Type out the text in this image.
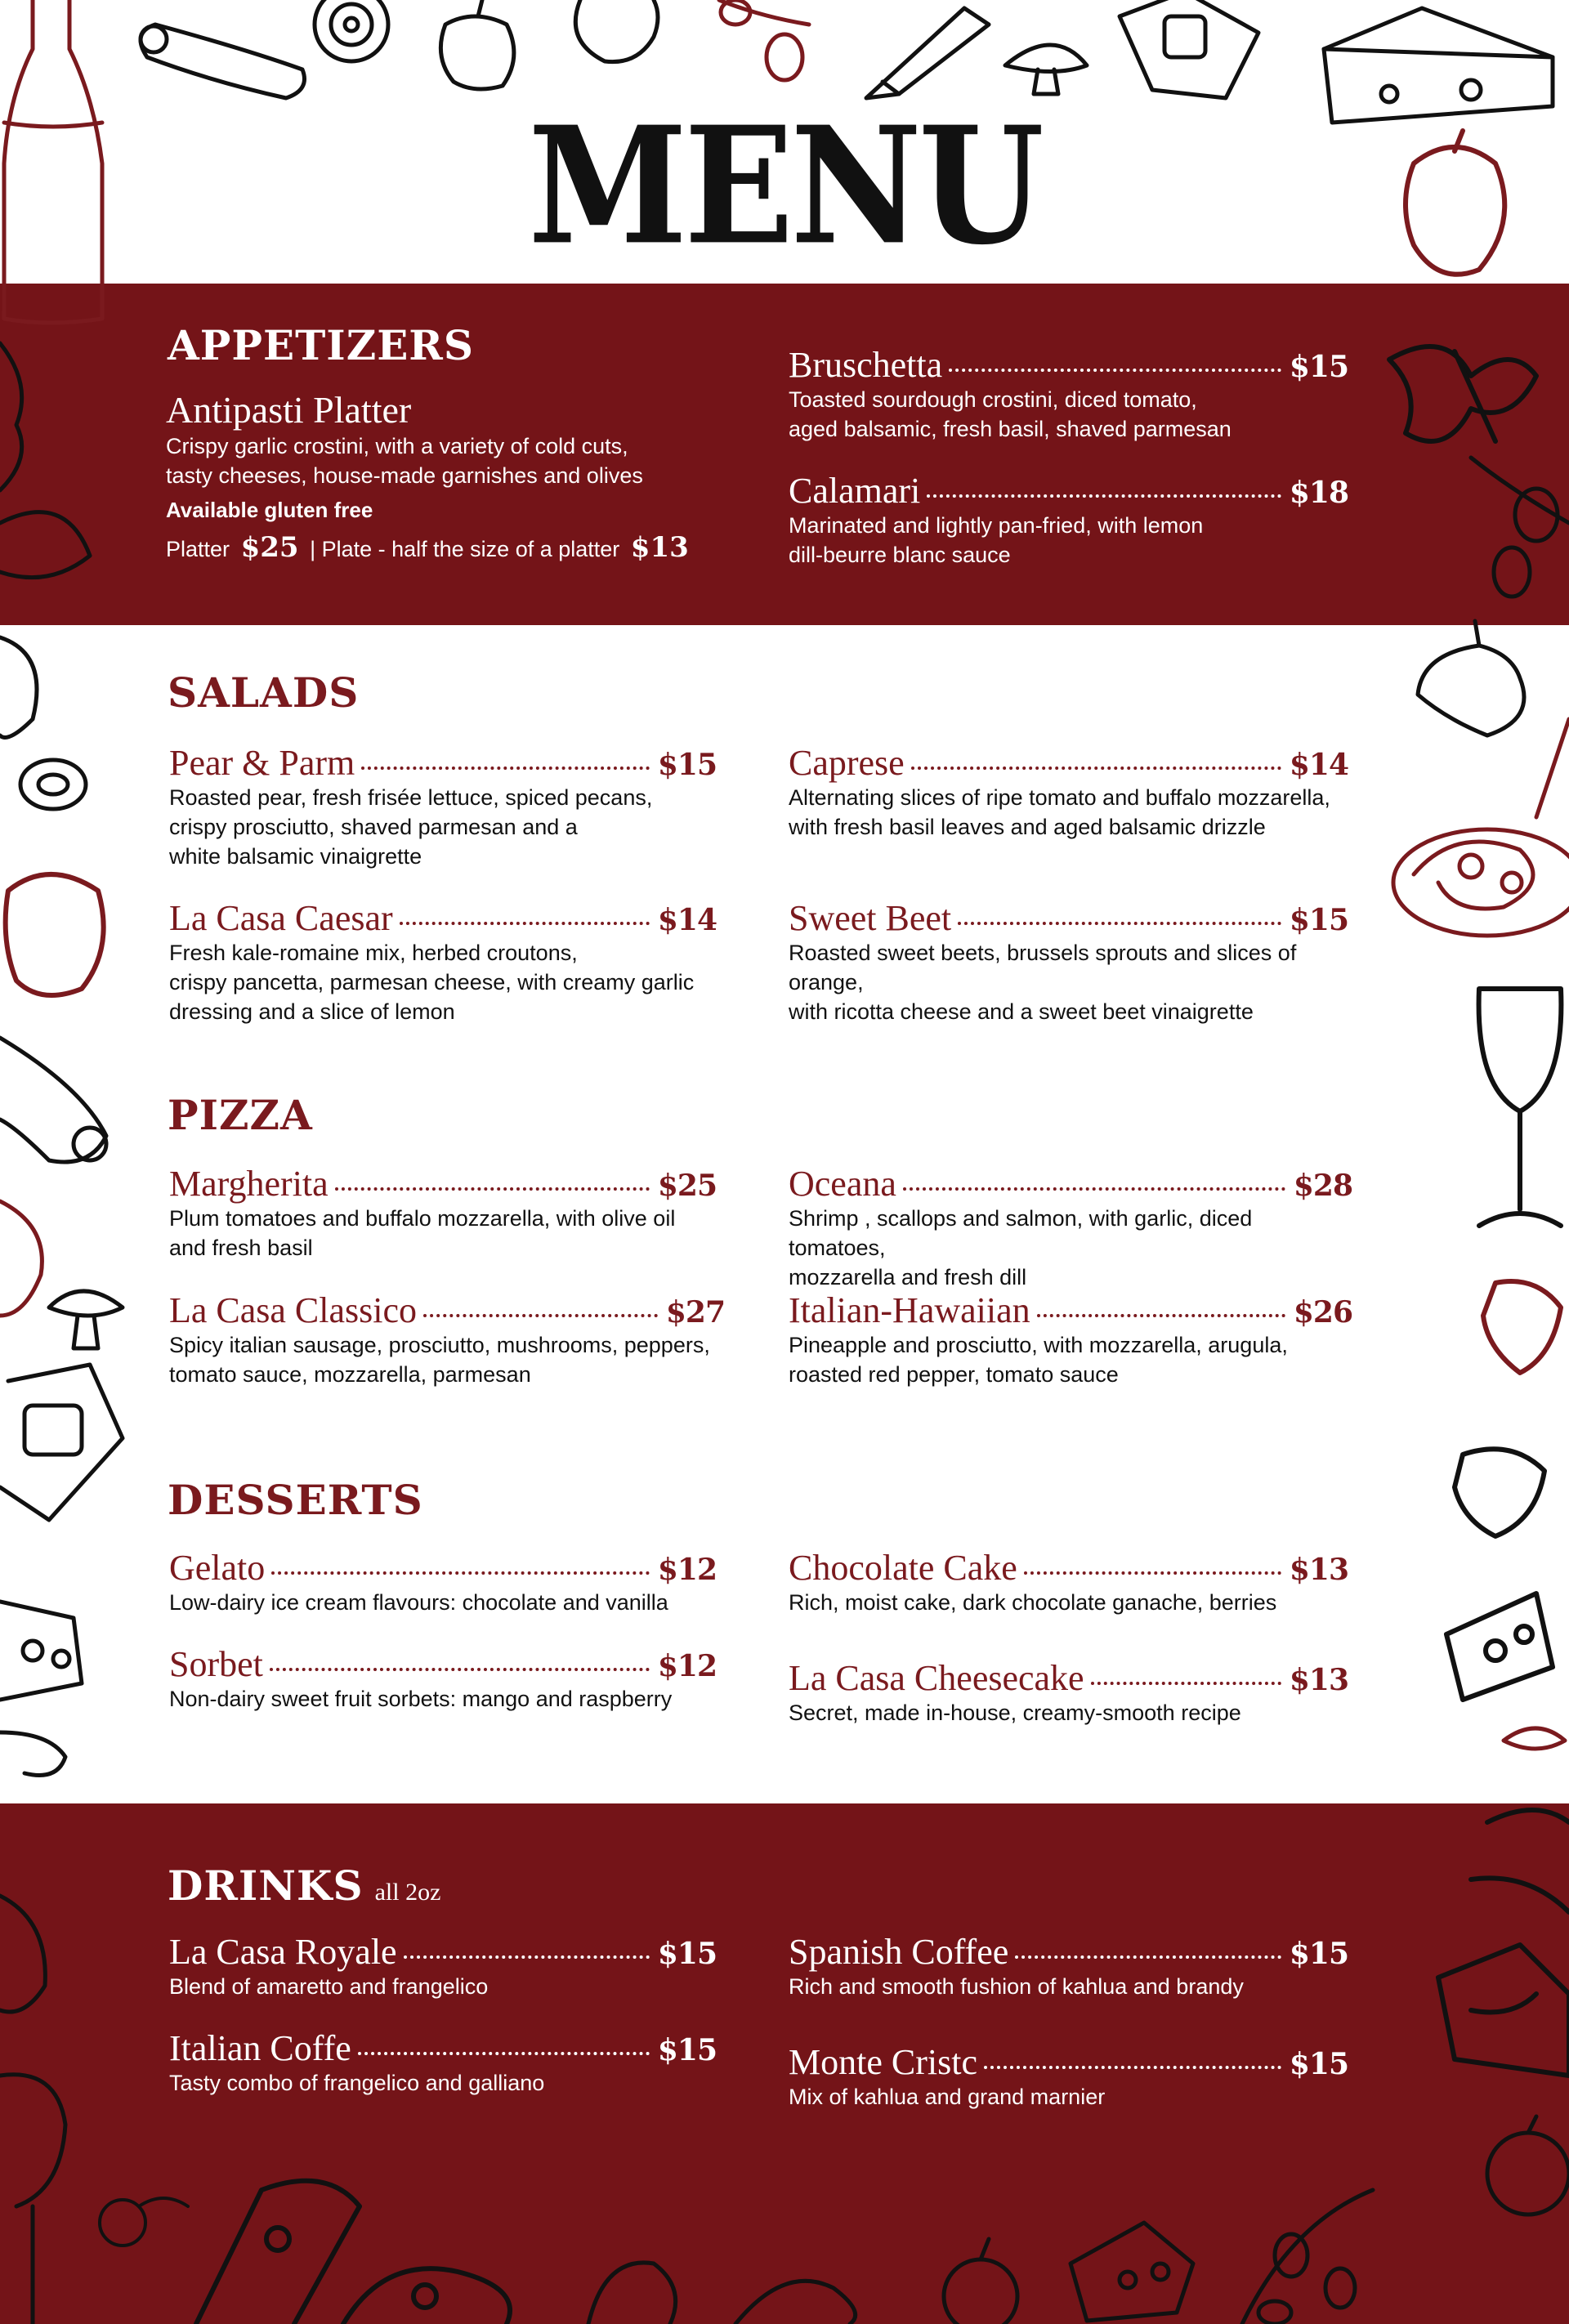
MENU
APPETIZERS
Antipasti Platter
Crispy garlic crostini, with a variety of cold cuts,
tasty cheeses, house-made garnishes and olives
Available gluten free
Platter $25 | Plate - half the size of a platter $13
Bruschetta	$15
Toasted sourdough crostini, diced tomato,
aged balsamic, fresh basil, shaved parmesan
Calamari	$18
Marinated and lightly pan-fried, with lemon
dill-beurre blanc sauce
SALADS
Pear & Parm	$15
Roasted pear, fresh frisée lettuce, spiced pecans,
crispy prosciutto, shaved parmesan and a
white balsamic vinaigrette
Caprese	$14
Alternating slices of ripe tomato and buffalo mozzarella,
with fresh basil leaves and aged balsamic drizzle
La Casa Caesar	$14
Fresh kale-romaine mix, herbed croutons,
crispy pancetta, parmesan cheese, with creamy garlic
dressing and a slice of lemon
Sweet Beet	$15
Roasted sweet beets, brussels sprouts and slices of orange,
with ricotta cheese and a sweet beet vinaigrette
PIZZA
Margherita	$25
Plum tomatoes and buffalo mozzarella, with olive oil
and fresh basil
Oceana	$28
Shrimp , scallops and salmon, with garlic, diced tomatoes,
mozzarella and fresh dill
La Casa Classico	$27
Spicy italian sausage, prosciutto, mushrooms, peppers,
tomato sauce, mozzarella, parmesan
Italian-Hawaiian	$26
Pineapple and prosciutto, with mozzarella, arugula,
roasted red pepper, tomato sauce
DESSERTS
Gelato	$12
Low-dairy ice cream flavours: chocolate and vanilla
Chocolate Cake	$13
Rich, moist cake, dark chocolate ganache, berries
Sorbet	$12
Non-dairy sweet fruit sorbets: mango and raspberry
La Casa Cheesecake	$13
Secret, made in-house, creamy-smooth recipe
DRINKS all 2oz
La Casa Royale	$15
Blend of amaretto and frangelico
Spanish Coffee	$15
Rich and smooth fushion of kahlua and brandy
Italian Coffe	$15
Tasty combo of frangelico and galliano
Monte Cristc	$15
Mix of kahlua and grand marnier
